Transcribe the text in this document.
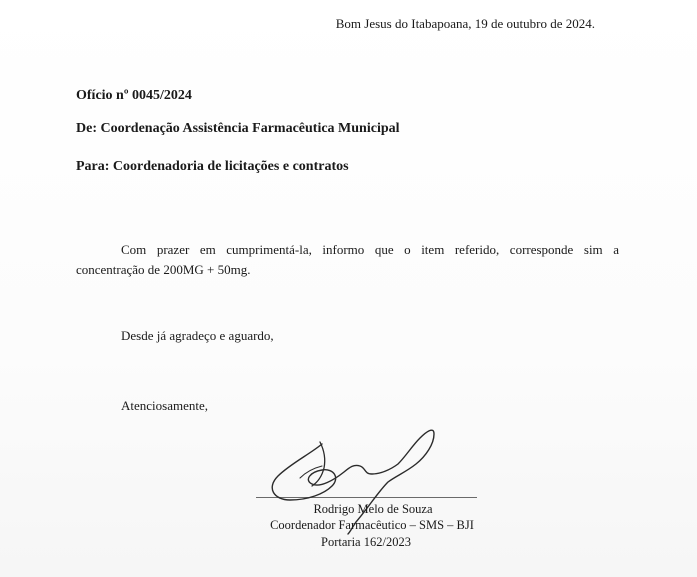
Bom Jesus do Itabapoana, 19 de outubro de 2024.
Ofício nº 0045/2024
De: Coordenação Assistência Farmacêutica Municipal
Para: Coordenadoria de licitações e contratos
Com prazer em cumprimentá-la, informo que o item referido, corresponde sim a
concentração de 200MG + 50mg.
Desde já agradeço e aguardo,
Atenciosamente,
Rodrigo Melo de Souza
Coordenador Farmacêutico – SMS – BJI
Portaria 162/2023
